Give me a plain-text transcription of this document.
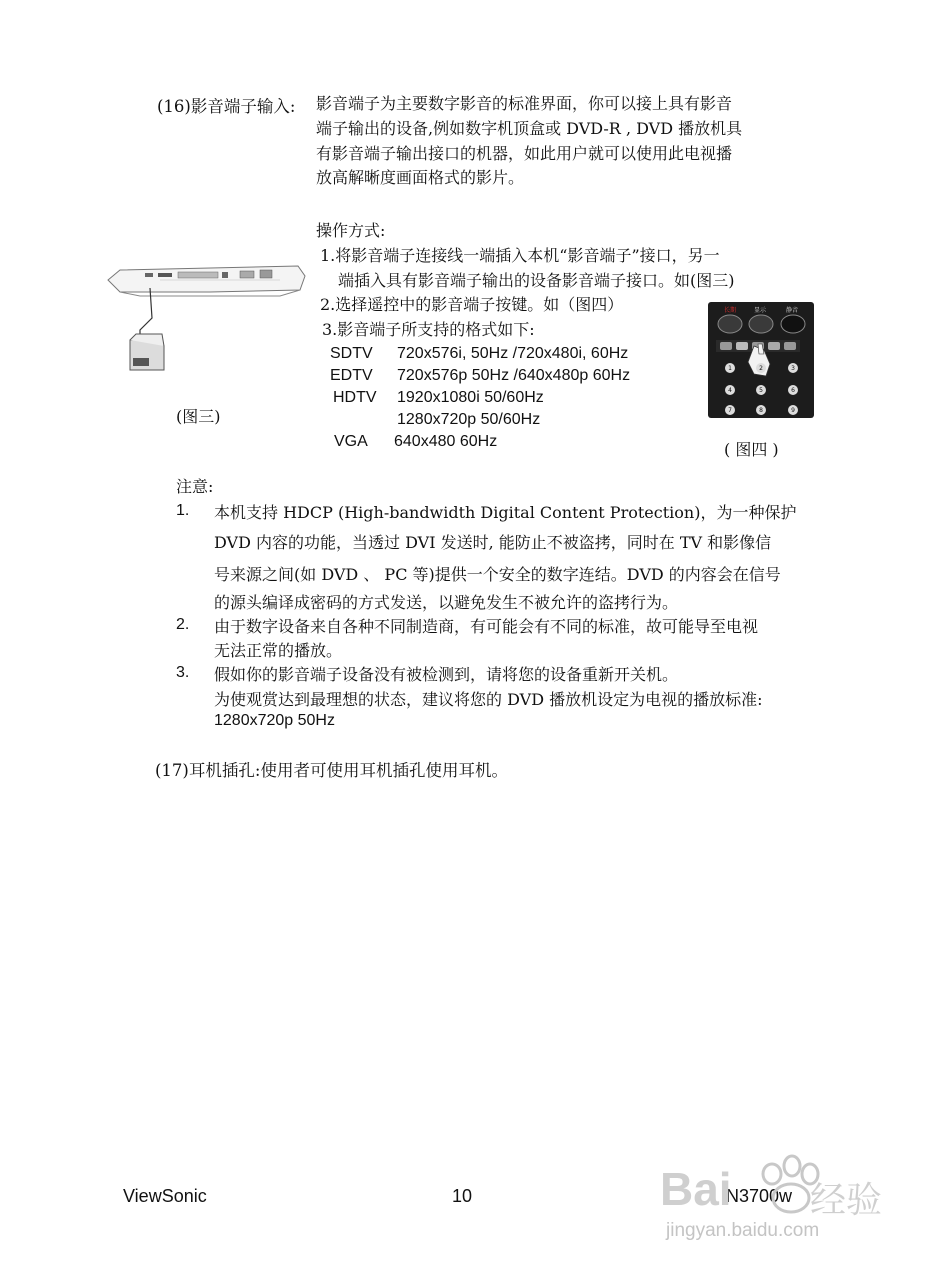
(16)影音端子输入: 影音端子为主要数字影音的标准界面，你可以接上具有影音
端子输出的设备,例如数字机顶盒或 DVD-R , DVD 播放机具
有影音端子输出接口的机器，如此用户就可以使用此电视播
放高解晰度画面格式的影片。
操作方式:
1.将影音端子连接线一端插入本机“影音端子”接口，另一
端插入具有影音端子输出的设备影音端子接口。如(图三)
2.选择遥控中的影音端子按键。如（图四）
3.影音端子所支持的格式如下:
SDTV 720x576i, 50Hz /720x480i, 60Hz
EDTV 720x576p 50Hz /640x480p 60Hz
HDTV 1920x1080i 50/60Hz
1280x720p 50/60Hz
VGA 640x480 60Hz
(图三)
长期	显示	静音
1	2	3
4	5	6
7	8	9
( 图四 )
注意:
1. 本机支持 HDCP (High-bandwidth Digital Content Protection)，为一种保护
DVD 内容的功能，当透过 DVI 发送时, 能防止不被盗拷，同时在 TV 和影像信
号来源之间(如 DVD 、 PC 等)提供一个安全的数字连结。DVD 的内容会在信号
的源头编译成密码的方式发送，以避免发生不被允许的盗拷行为。
2. 由于数字设备来自各种不同制造商，有可能会有不同的标准，故可能导至电视
无法正常的播放。
3. 假如你的影音端子设备没有被检测到，请将您的设备重新开关机。
为使观赏达到最理想的状态，建议将您的 DVD 播放机设定为电视的播放标准:
1280x720p 50Hz
(17)耳机插孔:使用者可使用耳机插孔使用耳机。
ViewSonic	10	N3700w
Bai 经验
jingyan.baidu.com
